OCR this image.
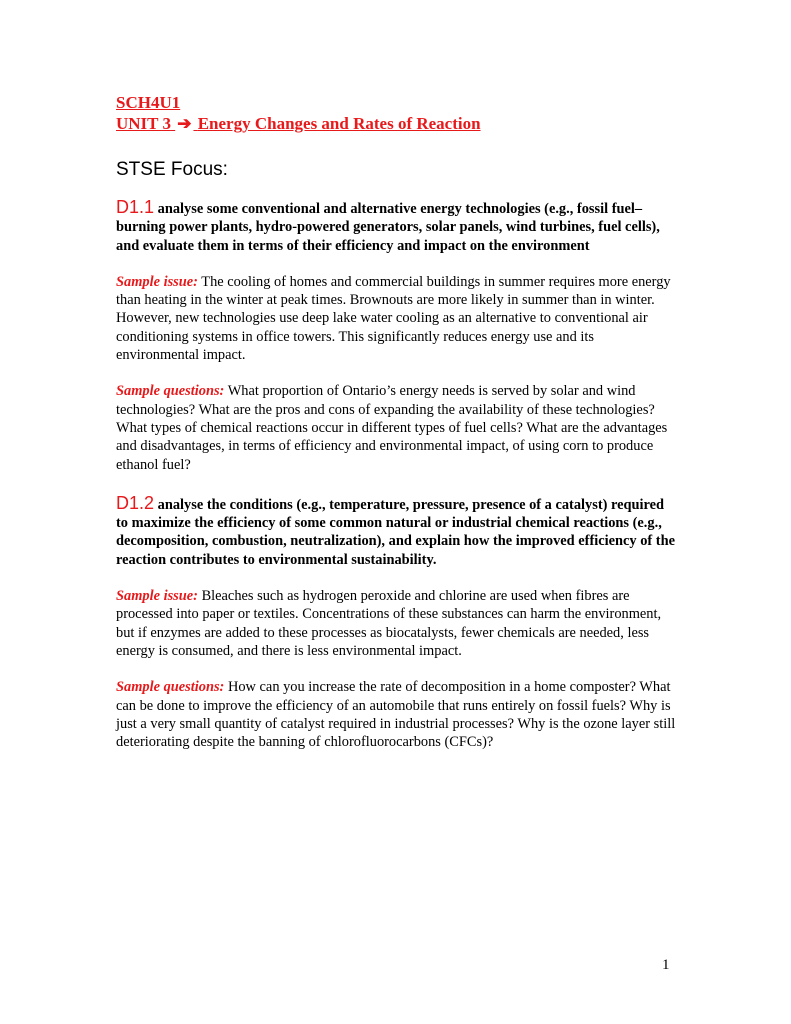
SCH4U1
UNIT 3 ➔ Energy Changes and Rates of Reaction
STSE Focus:
D1.1 analyse some conventional and alternative energy technologies (e.g., fossil fuel–burning power plants, hydro-powered generators, solar panels, wind turbines, fuel cells), and evaluate them in terms of their efficiency and impact on the environment
Sample issue: The cooling of homes and commercial buildings in summer requires more energy than heating in the winter at peak times. Brownouts are more likely in summer than in winter. However, new technologies use deep lake water cooling as an alternative to conventional air conditioning systems in office towers. This significantly reduces energy use and its environmental impact.
Sample questions: What proportion of Ontario’s energy needs is served by solar and wind technologies? What are the pros and cons of expanding the availability of these technologies? What types of chemical reactions occur in different types of fuel cells? What are the advantages and disadvantages, in terms of efficiency and environmental impact, of using corn to produce ethanol fuel?
D1.2 analyse the conditions (e.g., temperature, pressure, presence of a catalyst) required to maximize the efficiency of some common natural or industrial chemical reactions (e.g., decomposition, combustion, neutralization), and explain how the improved efficiency of the reaction contributes to environmental sustainability.
Sample issue: Bleaches such as hydrogen peroxide and chlorine are used when fibres are processed into paper or textiles. Concentrations of these substances can harm the environment, but if enzymes are added to these processes as biocatalysts, fewer chemicals are needed, less energy is consumed, and there is less environmental impact.
Sample questions: How can you increase the rate of decomposition in a home composter? What can be done to improve the efficiency of an automobile that runs entirely on fossil fuels? Why is just a very small quantity of catalyst required in industrial processes? Why is the ozone layer still deteriorating despite the banning of chlorofluorocarbons (CFCs)?
1
